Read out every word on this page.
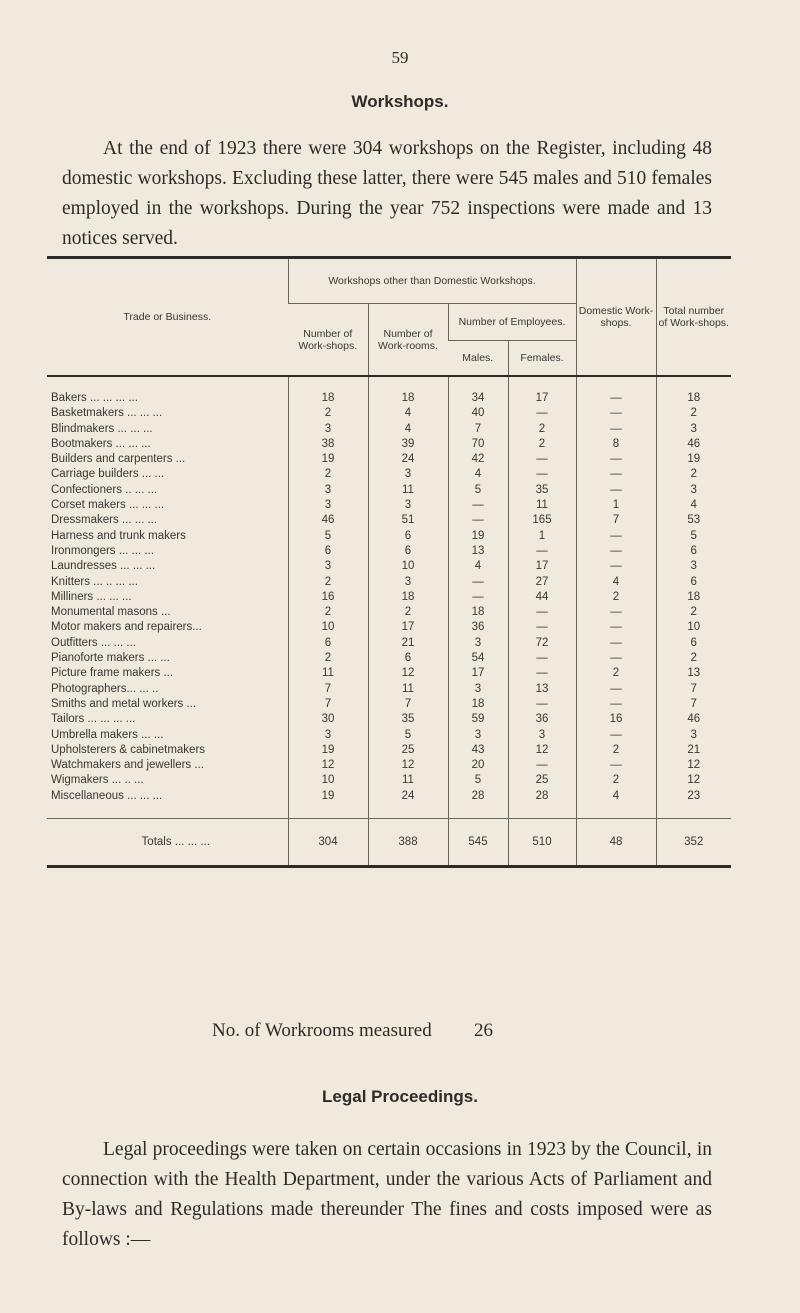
59
Workshops.
At the end of 1923 there were 304 workshops on the Register, including 48 domestic workshops. Excluding these latter, there were 545 males and 510 females employed in the workshops. During the year 752 inspections were made and 13 notices served.
Trade or Business.	Workshops other than Domestic Workshops.				Domestic Work-shops.	Total number of Work-shops.
	Number of Work-shops.	Number of Work-rooms.	Number of Employees.			
			Males.	Females.		
Bakers ... ... ... ...	18	18	34	17	—	18
Basketmakers ... ... ...	2	4	40	—	—	2
Blindmakers ... ... ...	3	4	7	2	—	3
Bootmakers ... ... ...	38	39	70	2	8	46
Builders and carpenters ...	19	24	42	—	—	19
Carriage builders ... ...	2	3	4	—	—	2
Confectioners .. ... ...	3	11	5	35	—	3
Corset makers ... ... ...	3	3	—	11	1	4
Dressmakers ... ... ...	46	51	—	165	7	53
Harness and trunk makers	5	6	19	1	—	5
Ironmongers ... ... ...	6	6	13	—	—	6
Laundresses ... ... ...	3	10	4	17	—	3
Knitters ... .. ... ...	2	3	—	27	4	6
Milliners ... ... ...	16	18	—	44	2	18
Monumental masons ...	2	2	18	—	—	2
Motor makers and repairers...	10	17	36	—	—	10
Outfitters ... ... ...	6	21	3	72	—	6
Pianoforte makers ... ...	2	6	54	—	—	2
Picture frame makers ...	11	12	17	—	2	13
Photographers... ... ..	7	11	3	13	—	7
Smiths and metal workers ...	7	7	18	—	—	7
Tailors ... ... ... ...	30	35	59	36	16	46
Umbrella makers ... ...	3	5	3	3	—	3
Upholsterers & cabinetmakers	19	25	43	12	2	21
Watchmakers and jewellers ...	12	12	20	—	—	12
Wigmakers ... .. ...	10	11	5	25	2	12
Miscellaneous ... ... ...	19	24	28	28	4	23
Totals ... ... ...	304	388	545	510	48	352
No. of Workrooms measured 26
Legal Proceedings.
Legal proceedings were taken on certain occasions in 1923 by the Council, in connection with the Health Department, under the various Acts of Parliament and By-laws and Regulations made thereunder The fines and costs imposed were as follows :—
